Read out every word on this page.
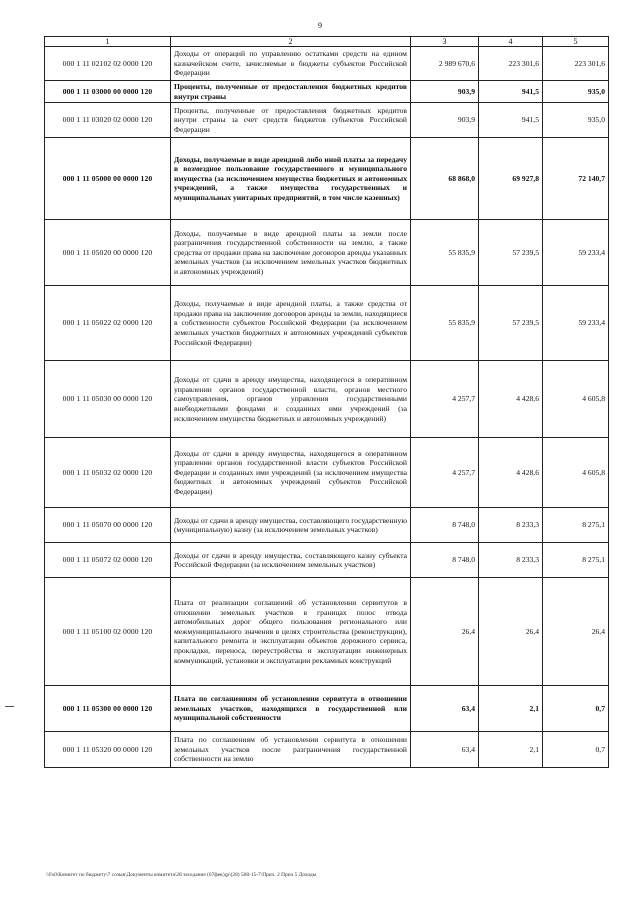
9
1	2	3	4	5
000 1 11 02102 02 0000 120	Доходы от операций по управлению остатками средств на едином казначейском счете, зачисляемые в бюджеты субъектов Российской Федерации	2 989 670,6	223 301,6	223 301,6
000 1 11 03000 00 0000 120	Проценты, полученные от предоставления бюджетных кредитов внутри страны	903,9	941,5	935,0
000 1 11 03020 02 0000 120	Проценты, полученные от предоставления бюджетных кредитов внутри страны за счет средств бюджетов субъектов Российской Федерации	903,9	941,5	935,0
000 1 11 05000 00 0000 120	Доходы, получаемые в виде арендной либо иной платы за передачу в возмездное пользование государственного и муниципального имущества (за исключением имущества бюджетных и автономных учреждений, а также имущества государственных и муниципальных унитарных предприятий, в том числе казенных)	68 868,0	69 927,8	72 140,7
000 1 11 05020 00 0000 120	Доходы, получаемые в виде арендной платы за земли после разграничения государственной собственности на землю, а также средства от продажи права на заключение договоров аренды указанных земельных участков (за исключением земельных участков бюджетных и автономных учреждений)	55 835,9	57 239,5	59 233,4
000 1 11 05022 02 0000 120	Доходы, получаемые в виде арендной платы, а также средства от продажи права на заключение договоров аренды за земли, находящиеся в собственности субъектов Российской Федерации (за исключением земельных участков бюджетных и автономных учреждений субъектов Российской Федерации)	55 835,9	57 239,5	59 233,4
000 1 11 05030 00 0000 120	Доходы от сдачи в аренду имущества, находящегося в оперативном управлении органов государственной власти, органов местного самоуправления, органов управления государственными внебюджетными фондами и созданных ими учреждений (за исключением имущества бюджетных и автономных учреждений)	4 257,7	4 428,6	4 605,8
000 1 11 05032 02 0000 120	Доходы от сдачи в аренду имущества, находящегося в оперативном управлении органов государственной власти субъектов Российской Федерации и созданных ими учреждений (за исключением имущества бюджетных и автономных учреждений субъектов Российской Федерации)	4 257,7	4 428,6	4 605,8
000 1 11 05070 00 0000 120	Доходы от сдачи в аренду имущества, составляющего государственную (муниципальную) казну (за исключением земельных участков)	8 748,0	8 233,3	8 275,1
000 1 11 05072 02 0000 120	Доходы от сдачи в аренду имущества, составляющего казну субъекта Российской Федерации (за исключением земельных участков)	8 748,0	8 233,3	8 275,1
000 1 11 05100 02 0000 120	Плата от реализации соглашений об установлении сервитутов в отношении земельных участков в границах полос отвода автомобильных дорог общего пользования регионального или межмуниципального значения в целях строительства (реконструкции), капитального ремонта и эксплуатации объектов дорожного сервиса, прокладки, переноса, переустройства и эксплуатации инженерных коммуникаций, установки и эксплуатации рекламных конструкций	26,4	26,4	26,4
000 1 11 05300 00 0000 120	Плата по соглашениям об установлении сервитута в отношении земельных участков, находящихся в государственной или муниципальной собственности	63,4	2,1	0,7
000 1 11 05320 00 0000 120	Плата по соглашениям об установлении сервитута в отношении земельных участков после разграничения государственной собственности на землю	63,4	2,1	0,7
\\Fs0\Комитет по бюджету\7 созыв\Документы комитета\28 заседание (07фев'др\(28) 508-15-7\Прил. 2 Прил 5 Доходы
